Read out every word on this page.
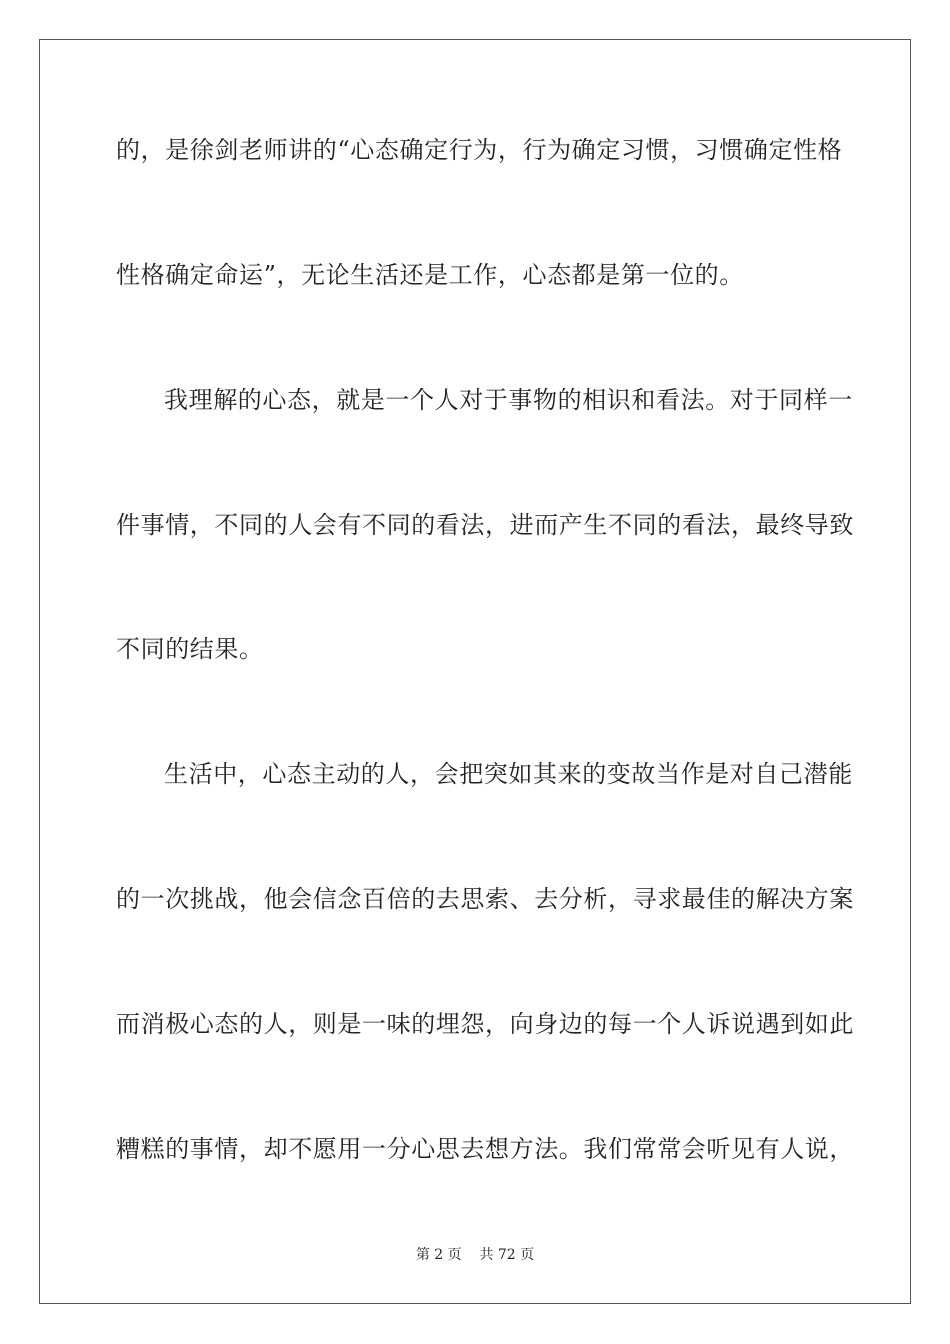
的，是徐剑老师讲的“心态确定行为，行为确定习惯，习惯确定性格
性格确定命运”，无论生活还是工作，心态都是第一位的。
我理解的心态，就是一个人对于事物的相识和看法。对于同样一
件事情，不同的人会有不同的看法，进而产生不同的看法，最终导致
不同的结果。
生活中，心态主动的人，会把突如其来的变故当作是对自己潜能
的一次挑战，他会信念百倍的去思索、去分析，寻求最佳的解决方案
而消极心态的人，则是一味的埋怨，向身边的每一个人诉说遇到如此
糟糕的事情，却不愿用一分心思去想方法。我们常常会听见有人说，
第 2 页 共 72 页
